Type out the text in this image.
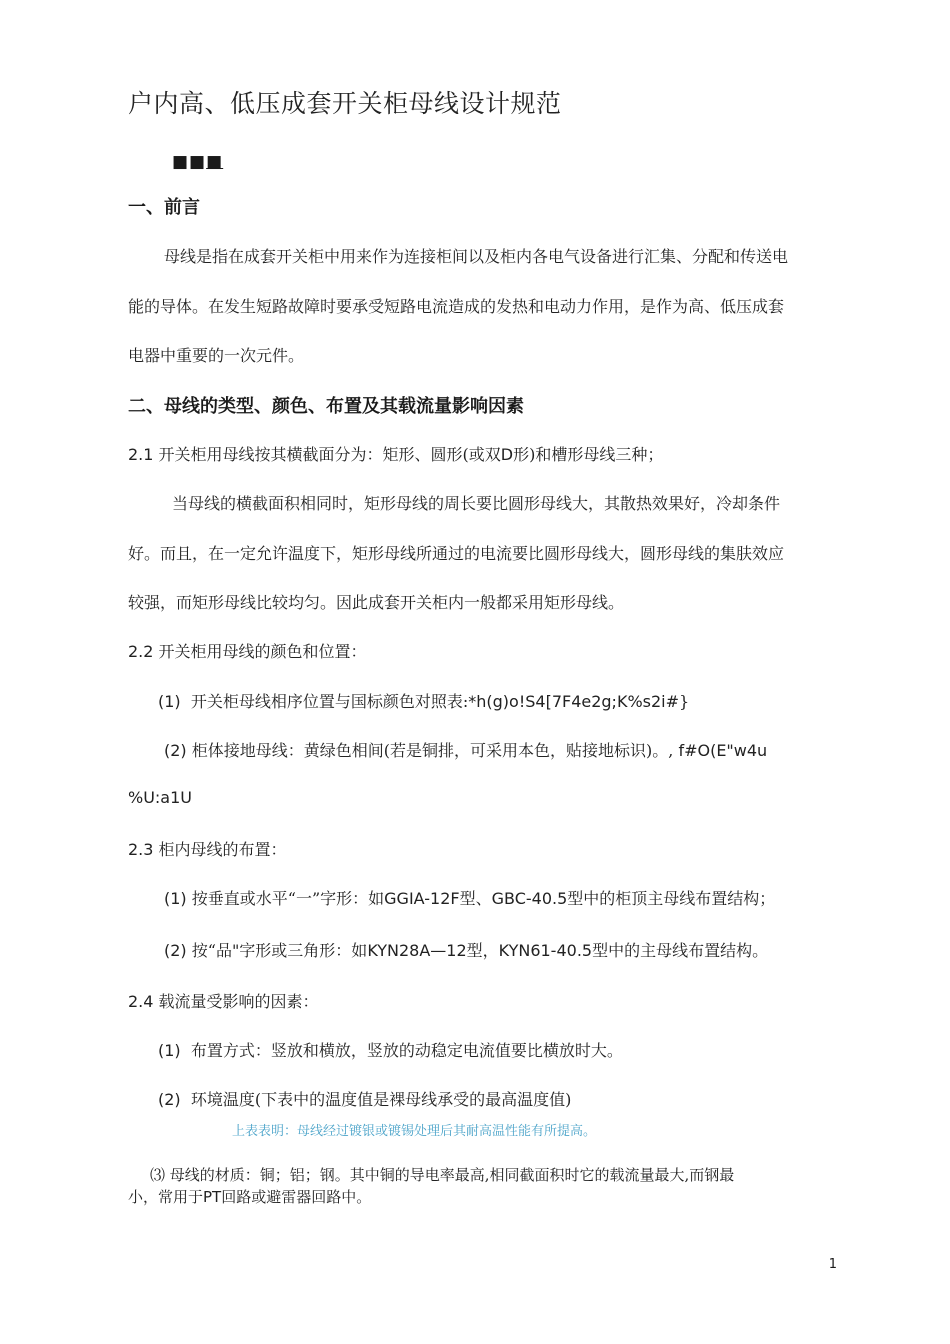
户内高、低压成套开关柜母线设计规范
■■■
一、前言
母线是指在成套开关柜中用来作为连接柜间以及柜内各电气设备进行汇集、分配和传送电
能的导体。在发生短路故障时要承受短路电流造成的发热和电动力作用，是作为高、低压成套
电器中重要的一次元件。
二、母线的类型、颜色、布置及其载流量影响因素
2.1 开关柜用母线按其横截面分为：矩形、圆形(或双D形)和槽形母线三种；
当母线的横截面积相同时，矩形母线的周长要比圆形母线大，其散热效果好，冷却条件
好。而且，在一定允许温度下，矩形母线所通过的电流要比圆形母线大，圆形母线的集肤效应
较强，而矩形母线比较均匀。因此成套开关柜内一般都采用矩形母线。
2.2 开关柜用母线的颜色和位置：
(1) 开关柜母线相序位置与国标颜色对照表:*h(g)o!S4[7F4e2g;K%s2i#}
(2) 柜体接地母线：黄绿色相间(若是铜排，可采用本色，贴接地标识)。, f#O(E"w4u
%U:a1U
2.3 柜内母线的布置：
(1) 按垂直或水平“一”字形：如GGIA-12F型、GBC-40.5型中的柜顶主母线布置结构；
(2) 按“品"字形或三角形：如KYN28A—12型，KYN61-40.5型中的主母线布置结构。
2.4 载流量受影响的因素：
(1) 布置方式：竖放和横放，竖放的动稳定电流值要比横放时大。
(2) 环境温度(下表中的温度值是裸母线承受的最高温度值)
上表表明：母线经过镀银或镀锡处理后其耐高温性能有所提高。
⑶ 母线的材质：铜；铝；钢。其中铜的导电率最高,相同截面积时它的载流量最大,而钢最
小，常用于PT回路或避雷器回路中。
1
